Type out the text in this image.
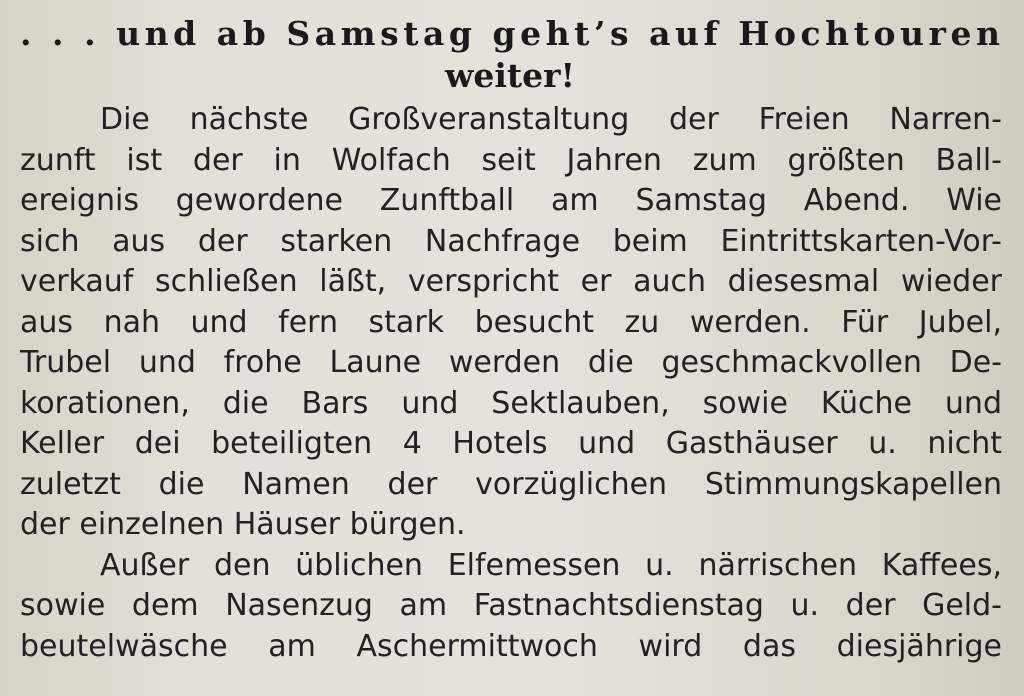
. . . und ab Samstag geht’s auf Hochtouren
weiter!
Die nächste Großveranstaltung der Freien Narren-
zunft ist der in Wolfach seit Jahren zum größten Ball-
ereignis gewordene Zunftball am Samstag Abend. Wie
sich aus der starken Nachfrage beim Eintrittskarten-Vor-
verkauf schließen läßt, verspricht er auch diesesmal wieder
aus nah und fern stark besucht zu werden. Für Jubel,
Trubel und frohe Laune werden die geschmackvollen De-
korationen, die Bars und Sektlauben, sowie Küche und
Keller dei beteiligten 4 Hotels und Gasthäuser u. nicht
zuletzt die Namen der vorzüglichen Stimmungskapellen
der einzelnen Häuser bürgen.
Außer den üblichen Elfemessen u. närrischen Kaffees,
sowie dem Nasenzug am Fastnachtsdienstag u. der Geld-
beutelwäsche am Aschermittwoch wird das diesjährige
